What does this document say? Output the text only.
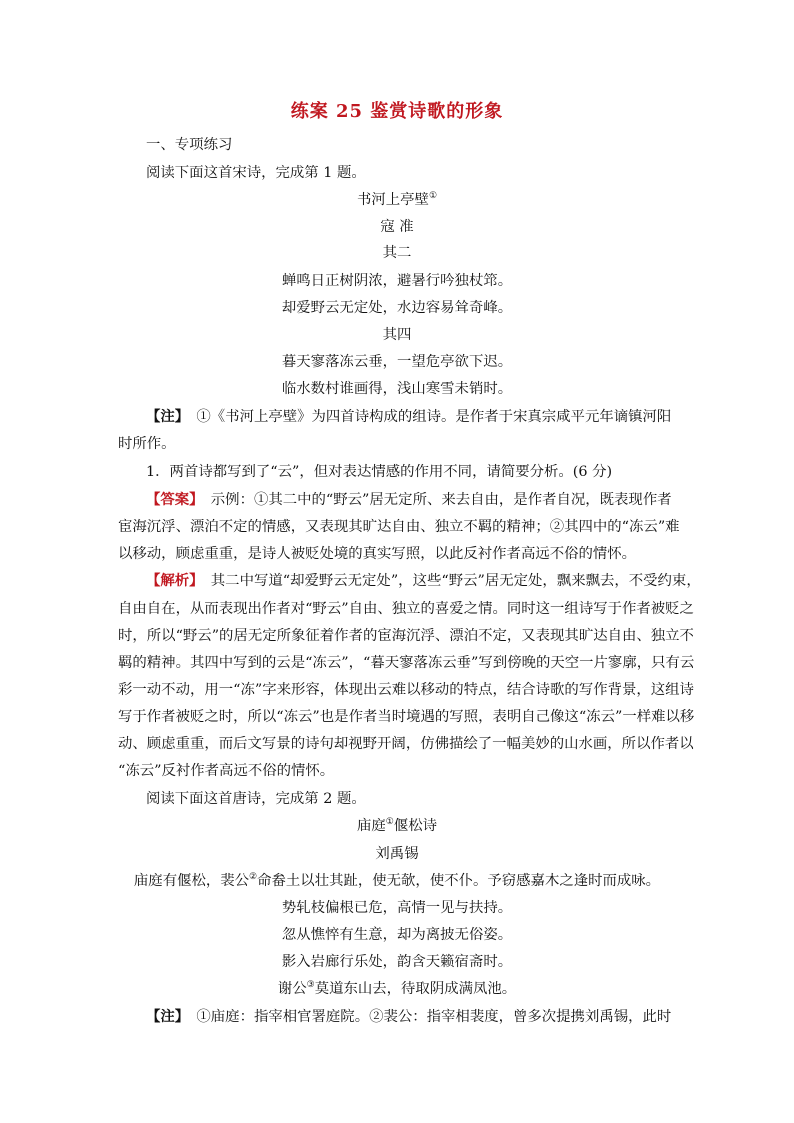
练案 25 鉴赏诗歌的形象
一、专项练习
阅读下面这首宋诗，完成第 1 题。
书河上亭壁①
寇 准
其二
蝉鸣日正树阴浓，避暑行吟独杖筇。
却爱野云无定处，水边容易耸奇峰。
其四
暮天寥落冻云垂，一望危亭欲下迟。
临水数村谁画得，浅山寒雪未销时。
【注】　 ①《书河上亭壁》为四首诗构成的组诗。是作者于宋真宗咸平元年谪镇河阳
时所作。
1．两首诗都写到了“云”，但对表达情感的作用不同，请简要分析。(6 分)
【答案】　 示例：①其二中的“野云”居无定所、来去自由，是作者自况，既表现作者
宦海沉浮、漂泊不定的情感，又表现其旷达自由、独立不羁的精神；②其四中的“冻云”难
以移动，顾虑重重，是诗人被贬处境的真实写照，以此反衬作者高远不俗的情怀。
【解析】　 其二中写道“却爱野云无定处”，这些“野云”居无定处，飘来飘去，不受约束，
自由自在，从而表现出作者对“野云”自由、独立的喜爱之情。同时这一组诗写于作者被贬之
时，所以“野云”的居无定所象征着作者的宦海沉浮、漂泊不定，又表现其旷达自由、独立不
羁的精神。其四中写到的云是“冻云”，“暮天寥落冻云垂”写到傍晚的天空一片寥廓，只有云
彩一动不动，用一“冻”字来形容，体现出云难以移动的特点，结合诗歌的写作背景，这组诗
写于作者被贬之时，所以“冻云”也是作者当时境遇的写照，表明自己像这“冻云”一样难以移
动、顾虑重重，而后文写景的诗句却视野开阔，仿佛描绘了一幅美妙的山水画，所以作者以
“冻云”反衬作者高远不俗的情怀。
阅读下面这首唐诗，完成第 2 题。
庙庭①偃松诗
刘禹锡
庙庭有偃松，裴公②命畚土以壮其趾，使无欹，使不仆。予窃感嘉木之逢时而成咏。
势轧枝偏根已危，高情一见与扶持。
忽从憔悴有生意，却为离披无俗姿。
影入岩廊行乐处，韵含天籁宿斋时。
谢公③莫道东山去，待取阴成满凤池。
【注】　 ①庙庭：指宰相官署庭院。②裴公：指宰相裴度，曾多次提携刘禹锡，此时
